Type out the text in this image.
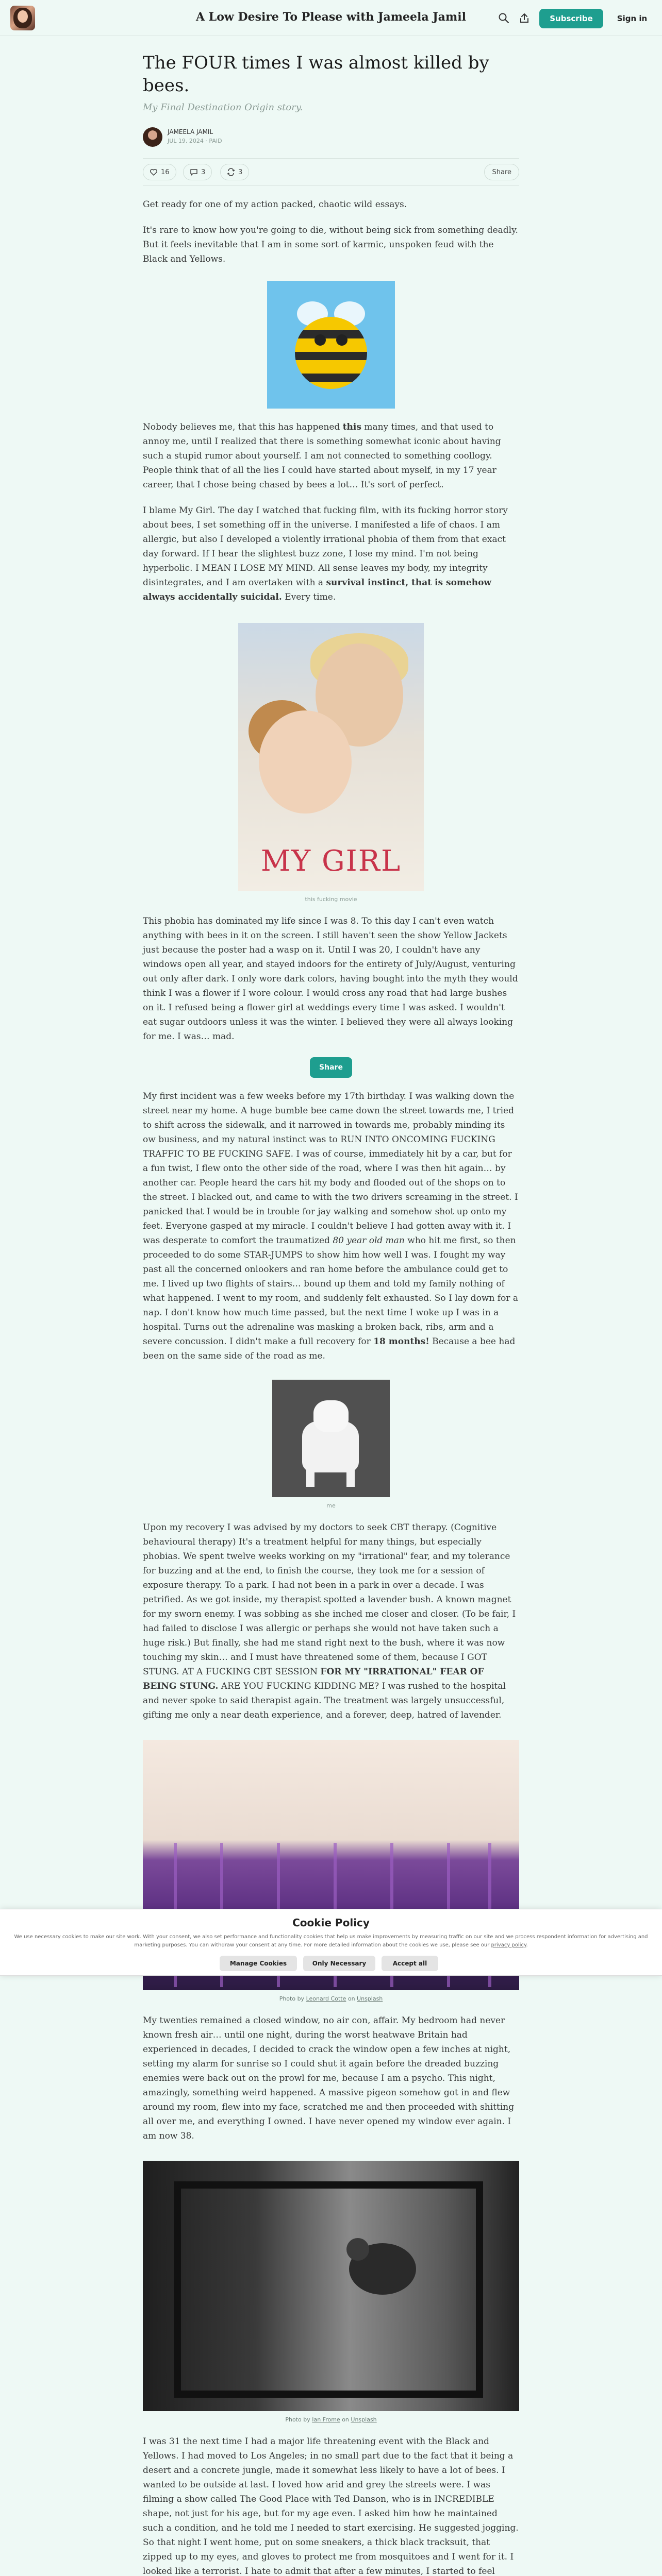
A Low Desire To Please with Jameela Jamil	Subscribe	Sign in
The FOUR times I was almost killed by bees.
My Final Destination Origin story.
JAMEELA JAMIL
JUL 19, 2024 · PAID
16	3	3	Share

Get ready for one of my action packed, chaotic wild essays.

It's rare to know how you're going to die, without being sick from something deadly. But it feels inevitable that I am in some sort of karmic, unspoken feud with the Black and Yellows.

Nobody believes me, that this has happened this many times, and that used to annoy me, until I realized that there is something somewhat iconic about having such a stupid rumor about yourself. I am not connected to something coollogy. People think that of all the lies I could have started about myself, in my 17 year career, that I chose being chased by bees a lot… It's sort of perfect.

I blame My Girl. The day I watched that fucking film, with its fucking horror story about bees, I set something off in the universe. I manifested a life of chaos. I am allergic, but also I developed a violently irrational phobia of them from that exact day forward. If I hear the slightest buzz zone, I lose my mind. I'm not being hyperbolic. I MEAN I LOSE MY MIND. All sense leaves my body, my integrity disintegrates, and I am overtaken with a survival instinct, that is somehow always accidentally suicidal. Every time.

MY GIRL
this fucking movie

This phobia has dominated my life since I was 8. To this day I can't even watch anything with bees in it on the screen. I still haven't seen the show Yellow Jackets just because the poster had a wasp on it. Until I was 20, I couldn't have any windows open all year, and stayed indoors for the entirety of July/August, venturing out only after dark. I only wore dark colors, having bought into the myth they would think I was a flower if I wore colour. I would cross any road that had large bushes on it. I refused being a flower girl at weddings every time I was asked. I wouldn't eat sugar outdoors unless it was the winter. I believed they were all always looking for me. I was… mad.

Share

My first incident was a few weeks before my 17th birthday. I was walking down the street near my home. A huge bumble bee came down the street towards me, I tried to shift across the sidewalk, and it narrowed in towards me, probably minding its ow business, and my natural instinct was to RUN INTO ONCOMING FUCKING TRAFFIC TO BE FUCKING SAFE. I was of course, immediately hit by a car, but for a fun twist, I flew onto the other side of the road, where I was then hit again… by another car. People heard the cars hit my body and flooded out of the shops on to the street. I blacked out, and came to with the two drivers screaming in the street. I panicked that I would be in trouble for jay walking and somehow shot up onto my feet. Everyone gasped at my miracle. I couldn't believe I had gotten away with it. I was desperate to comfort the traumatized 80 year old man who hit me first, so then proceeded to do some STAR-JUMPS to show him how well I was. I fought my way past all the concerned onlookers and ran home before the ambulance could get to me. I lived up two flights of stairs… bound up them and told my family nothing of what happened. I went to my room, and suddenly felt exhausted. So I lay down for a nap. I don't know how much time passed, but the next time I woke up I was in a hospital. Turns out the adrenaline was masking a broken back, ribs, arm and a severe concussion. I didn't make a full recovery for 18 months! Because a bee had been on the same side of the road as me.

me

Upon my recovery I was advised by my doctors to seek CBT therapy. (Cognitive behavioural therapy) It's a treatment helpful for many things, but especially phobias. We spent twelve weeks working on my "irrational" fear, and my tolerance for buzzing and at the end, to finish the course, they took me for a session of exposure therapy. To a park. I had not been in a park in over a decade. I was petrified. As we got inside, my therapist spotted a lavender bush. A known magnet for my sworn enemy. I was sobbing as she inched me closer and closer. (To be fair, I had failed to disclose I was allergic or perhaps she would not have taken such a huge risk.) But finally, she had me stand right next to the bush, where it was now touching my skin… and I must have threatened some of them, because I GOT STUNG. AT A FUCKING CBT SESSION FOR MY "IRRATIONAL" FEAR OF BEING STUNG. ARE YOU FUCKING KIDDING ME? I was rushed to the hospital and never spoke to said therapist again. The treatment was largely unsuccessful, gifting me only a near death experience, and a forever, deep, hatred of lavender.

Photo by Leonard Cotte on Unsplash

My twenties remained a closed window, no air con, affair. My bedroom had never known fresh air… until one night, during the worst heatwave Britain had experienced in decades, I decided to crack the window open a few inches at night, setting my alarm for sunrise so I could shut it again before the dreaded buzzing enemies were back out on the prowl for me, because I am a psycho. This night, amazingly, something weird happened. A massive pigeon somehow got in and flew around my room, flew into my face, scratched me and then proceeded with shitting all over me, and everything I owned. I have never opened my window ever again. I am now 38.

Photo by Ian Frome on Unsplash

I was 31 the next time I had a major life threatening event with the Black and Yellows. I had moved to Los Angeles; in no small part due to the fact that it being a desert and a concrete jungle, made it somewhat less likely to have a lot of bees. I wanted to be outside at last. I loved how arid and grey the streets were. I was filming a show called The Good Place with Ted Danson, who is in INCREDIBLE shape, not just for his age, but for my age even. I asked him how he maintained such a condition, and he told me I needed to start exercising. He suggested jogging. So that night I went home, put on some sneakers, a thick black tracksuit, that zipped up to my eyes, and gloves to protect me from mosquitoes and I went for it. I looked like a terrorist. I hate to admit that after a few minutes, I started to feel

Cookie Policy
We use necessary cookies to make our site work. With your consent, we also set performance and functionality cookies that help us make improvements by measuring traffic on our site and we process respondent information for advertising and marketing purposes. You can withdraw your consent at any time. For more detailed information about the cookies we use, please see our privacy policy.
Manage Cookies	Only Necessary	Accept all
